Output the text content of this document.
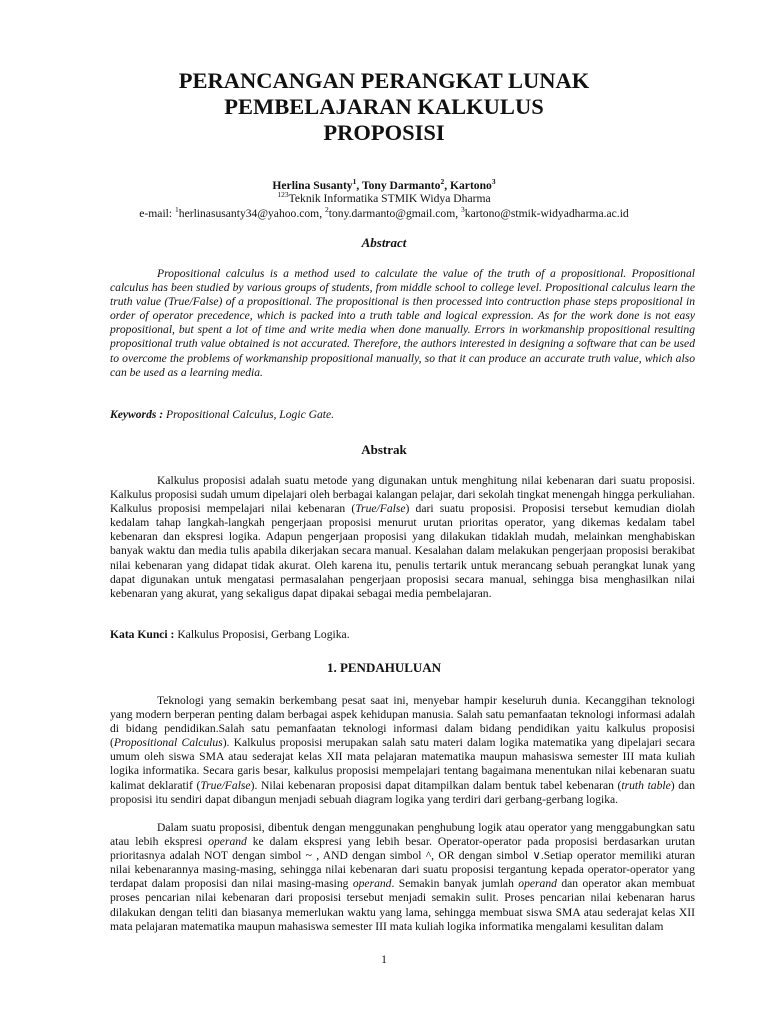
PERANCANGAN PERANGKAT LUNAK
PEMBELAJARAN KALKULUS
PROPOSISI

Herlina Susanty$^1$, Tony Darmanto$^2$, Kartono$^3$

$^{123}$Teknik Informatika STMIK Widya Dharma

e-mail: $^1$herlinasusanty34@yahoo.com, $^2$tony.darmanto@gmail.com, $^3$kartono@stmik-widyadharma.ac.id

Abstract

Propositional calculus is a method used to calculate the value of the truth of a propositional. Propositional calculus has been studied by various groups of students, from middle school to college level. Propositional calculus learn the truth value (True/False) of a propositional. The propositional is then processed into contruction phase steps propositional in order of operator precedence, which is packed into a truth table and logical expression. As for the work done is not easy propositional, but spent a lot of time and write media when done manually. Errors in workmanship propositional resulting propositional truth value obtained is not accurated. Therefore, the authors interested in designing a software that can be used to overcome the problems of workmanship propositional manually, so that it can produce an accurate truth value, which also can be used as a learning media.

Keywords : Propositional Calculus, Logic Gate.

Abstrak

Kalkulus proposisi adalah suatu metode yang digunakan untuk menghitung nilai kebenaran dari suatu proposisi. Kalkulus proposisi sudah umum dipelajari oleh berbagai kalangan pelajar, dari sekolah tingkat menengah hingga perkuliahan. Kalkulus proposisi mempelajari nilai kebenaran (True/False) dari suatu proposisi. Proposisi tersebut kemudian diolah kedalam tahap langkah-langkah pengerjaan proposisi menurut urutan prioritas operator, yang dikemas kedalam tabel kebenaran dan ekspresi logika. Adapun pengerjaan proposisi yang dilakukan tidaklah mudah, melainkan menghabiskan banyak waktu dan media tulis apabila dikerjakan secara manual. Kesalahan dalam melakukan pengerjaan proposisi berakibat nilai kebenaran yang didapat tidak akurat. Oleh karena itu, penulis tertarik untuk merancang sebuah perangkat lunak yang dapat digunakan untuk mengatasi permasalahan pengerjaan proposisi secara manual, sehingga bisa menghasilkan nilai kebenaran yang akurat, yang sekaligus dapat dipakai sebagai media pembelajaran.

Kata Kunci : Kalkulus Proposisi, Gerbang Logika.

1. PENDAHULUAN

Teknologi yang semakin berkembang pesat saat ini, menyebar hampir keseluruh dunia. Kecanggihan teknologi yang modern berperan penting dalam berbagai aspek kehidupan manusia. Salah satu pemanfaatan teknologi informasi adalah di bidang pendidikan.Salah satu pemanfaatan teknologi informasi dalam bidang pendidikan yaitu kalkulus proposisi (Propositional Calculus). Kalkulus proposisi merupakan salah satu materi dalam logika matematika yang dipelajari secara umum oleh siswa SMA atau sederajat kelas XII mata pelajaran matematika maupun mahasiswa semester III mata kuliah logika informatika. Secara garis besar, kalkulus proposisi mempelajari tentang bagaimana menentukan nilai kebenaran suatu kalimat deklaratif (True/False). Nilai kebenaran proposisi dapat ditampilkan dalam bentuk tabel kebenaran (truth table) dan proposisi itu sendiri dapat dibangun menjadi sebuah diagram logika yang terdiri dari gerbang-gerbang logika.

Dalam suatu proposisi, dibentuk dengan menggunakan penghubung logik atau operator yang menggabungkan satu atau lebih ekspresi operand ke dalam ekspresi yang lebih besar. Operator-operator pada proposisi berdasarkan urutan prioritasnya adalah NOT dengan simbol ~ , AND dengan simbol ^, OR dengan simbol ∨.Setiap operator memiliki aturan nilai kebenarannya masing-masing, sehingga nilai kebenaran dari suatu proposisi tergantung kepada operator-operator yang terdapat dalam proposisi dan nilai masing-masing operand. Semakin banyak jumlah operand dan operator akan membuat proses pencarian nilai kebenaran dari proposisi tersebut menjadi semakin sulit. Proses pencarian nilai kebenaran harus dilakukan dengan teliti dan biasanya memerlukan waktu yang lama, sehingga membuat siswa SMA atau sederajat kelas XII mata pelajaran matematika maupun mahasiswa semester III mata kuliah logika informatika mengalami kesulitan dalam

1
